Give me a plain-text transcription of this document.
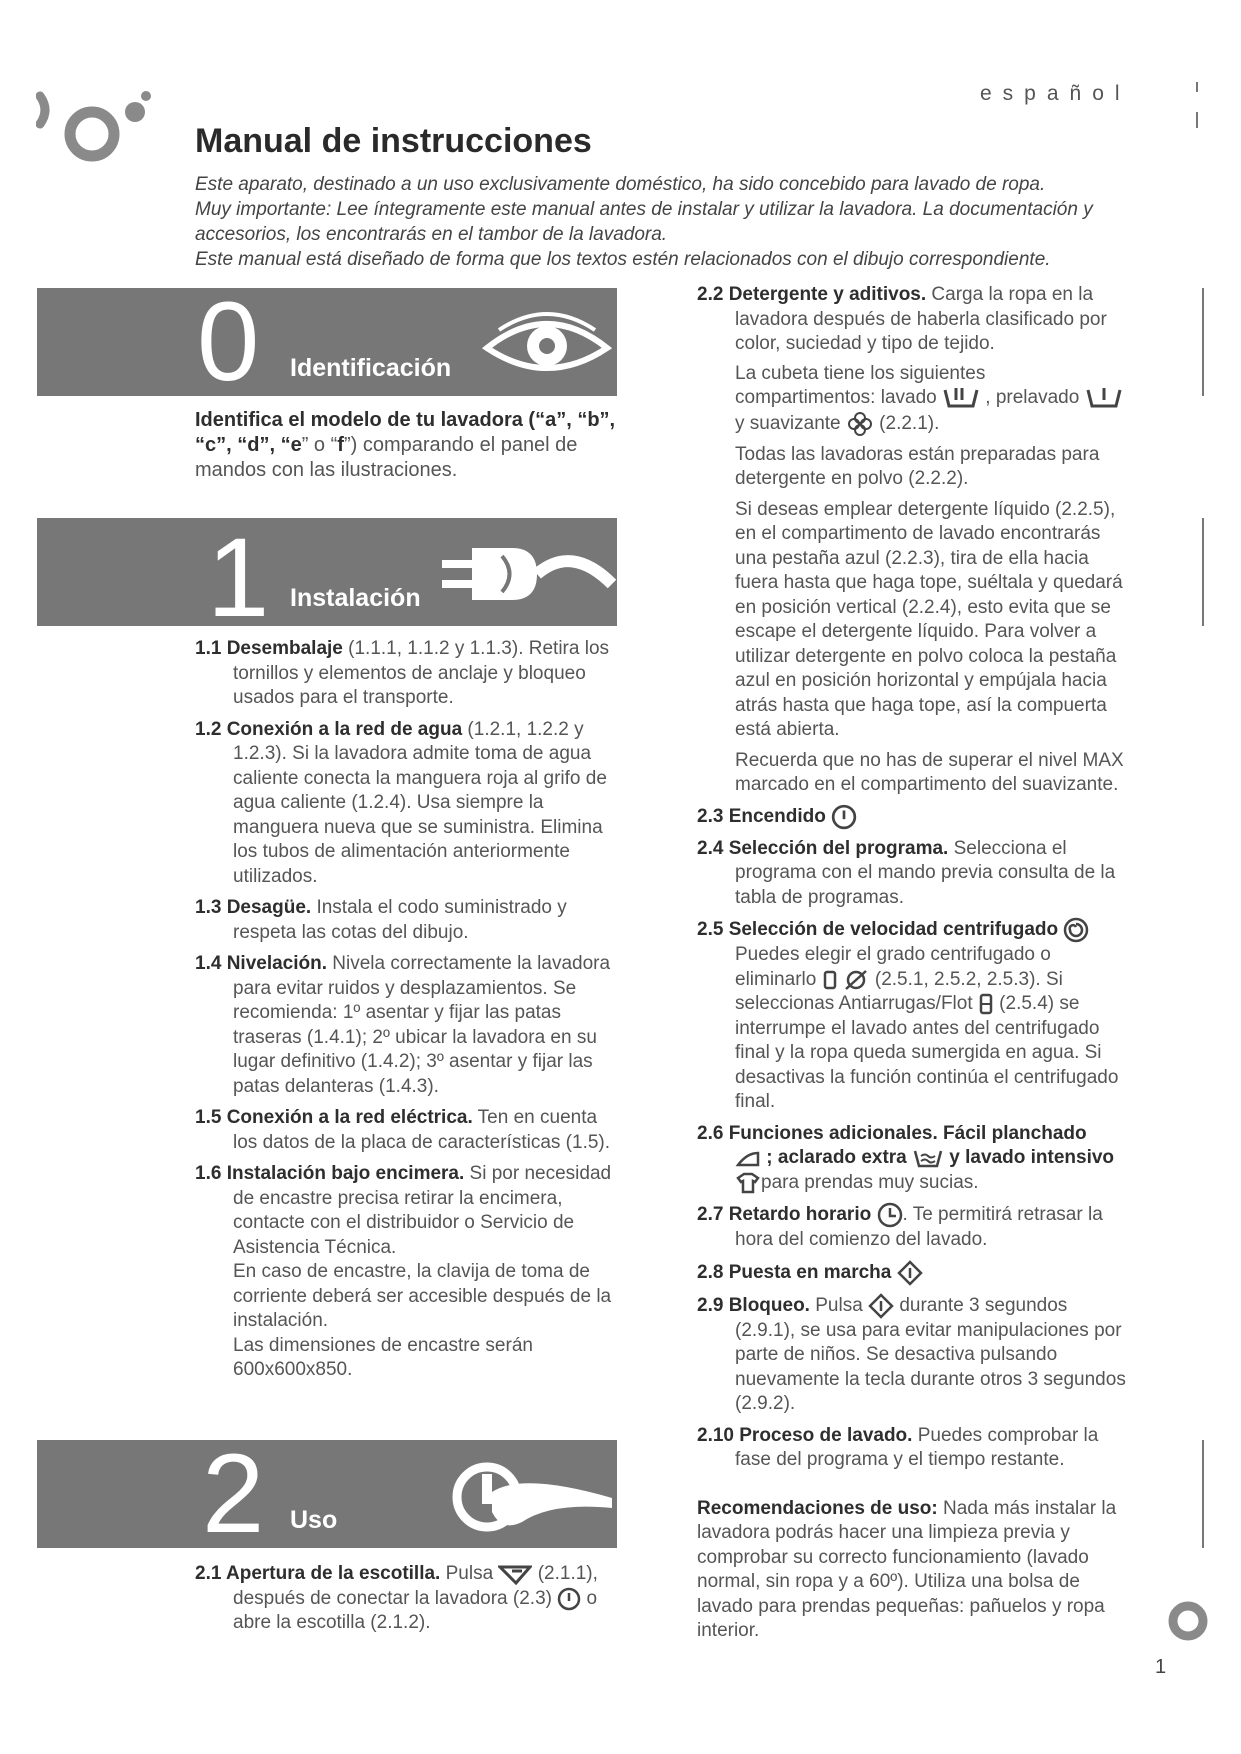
español
Manual de instrucciones

Este aparato, destinado a un uso exclusivamente doméstico, ha sido concebido para lavado de ropa.

Muy importante: Lee íntegramente este manual antes de instalar y utilizar la lavadora. La documentación y accesorios, los encontrarás en el tambor de la lavadora.

Este manual está diseñado de forma que los textos estén relacionados con el dibujo correspondiente.

0 Identificación
Identifica el modelo de tu lavadora (“a”, “b”, “c”, “d”, “e” o “f”) comparando el panel de mandos con las ilustraciones.
1 Instalación

1.1 Desembalaje (1.1.1, 1.1.2 y 1.1.3). Retira los tornillos y elementos de anclaje y bloqueo usados para el transporte.

1.2 Conexión a la red de agua (1.2.1, 1.2.2 y 1.2.3). Si la lavadora admite toma de agua caliente conecta la manguera roja al grifo de agua caliente (1.2.4). Usa siempre la manguera nueva que se suministra. Elimina los tubos de alimentación anteriormente utilizados.

1.3 Desagüe. Instala el codo suministrado y respeta las cotas del dibujo.

1.4 Nivelación. Nivela correctamente la lavadora para evitar ruidos y desplazamientos. Se recomienda: 1º asentar y fijar las patas traseras (1.4.1); 2º ubicar la lavadora en su lugar definitivo (1.4.2); 3º asentar y fijar las patas delanteras (1.4.3).

1.5 Conexión a la red eléctrica. Ten en cuenta los datos de la placa de características (1.5).

1.6 Instalación bajo encimera. Si por necesidad de encastre precisa retirar la encimera, contacte con el distribuidor o Servicio de Asistencia Técnica.

En caso de encastre, la clavija de toma de corriente deberá ser accesible después de la instalación.

Las dimensiones de encastre serán 600x600x850.

2 Uso

2.1 Apertura de la escotilla. Pulsa  (2.1.1), después de conectar la lavadora (2.3)  o abre la escotilla (2.1.2).

2.2 Detergente y aditivos. Carga la ropa en la lavadora después de haberla clasificado por color, suciedad y tipo de tejido.

La cubeta tiene los siguientes compartimentos: lavado  , prelavado  y suavizante  (2.2.1).

Todas las lavadoras están preparadas para detergente en polvo (2.2.2).

Si deseas emplear detergente líquido (2.2.5), en el compartimento de lavado encontrarás una pestaña azul (2.2.3), tira de ella hacia fuera hasta que haga tope, suéltala y quedará en posición vertical (2.2.4), esto evita que se escape el detergente líquido. Para volver a utilizar detergente en polvo coloca la pestaña azul en posición horizontal y empújala hacia atrás hasta que haga tope, así la compuerta está abierta.

Recuerda que no has de superar el nivel MAX marcado en el compartimento del suavizante.

2.3 Encendido

2.4 Selección del programa. Selecciona el programa con el mando previa consulta de la tabla de programas.

2.5 Selección de velocidad centrifugado
Puedes elegir el grado centrifugado o eliminarlo	(2.5.1, 2.5.2, 2.5.3). Si seleccionas Antiarrugas/Flot  (2.5.4) se interrumpe el lavado antes del centrifugado final y la ropa queda sumergida en agua. Si desactivas la función continúa el centrifugado final.

2.6 Funciones adicionales. Fácil planchado
; aclarado extra  y lavado intensivo para prendas muy sucias.

2.7 Retardo horario . Te permitirá retrasar la hora del comienzo del lavado.

2.8 Puesta en marcha

2.9 Bloqueo. Pulsa  durante 3 segundos (2.9.1), se usa para evitar manipulaciones por parte de niños. Se desactiva pulsando nuevamente la tecla durante otros 3 segundos (2.9.2).

2.10 Proceso de lavado. Puedes comprobar la fase del programa y el tiempo restante.

Recomendaciones de uso: Nada más instalar la lavadora podrás hacer una limpieza previa y comprobar su correcto funcionamiento (lavado normal, sin ropa y a 60º). Utiliza una bolsa de lavado para prendas pequeñas: pañuelos y ropa interior.

1
